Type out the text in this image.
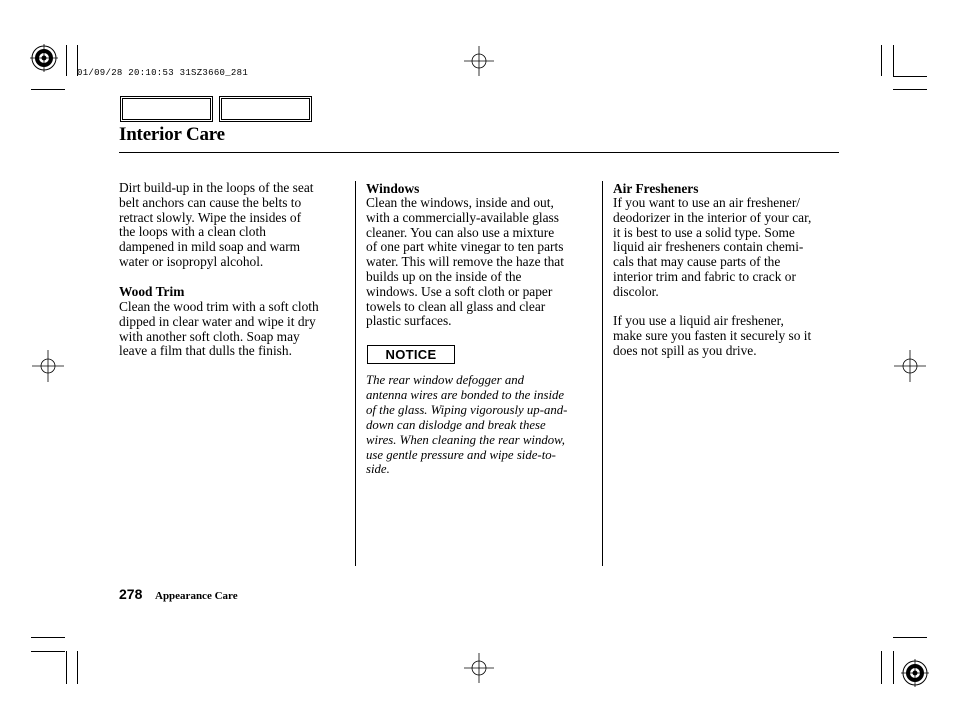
01/09/28 20:10:53 31SZ3660_281
Interior Care
Dirt build-up in the loops of the seat
belt anchors can cause the belts to
retract slowly. Wipe the insides of
the loops with a clean cloth
dampened in mild soap and warm
water or isopropyl alcohol.
Wood Trim
Clean the wood trim with a soft cloth
dipped in clear water and wipe it dry
with another soft cloth. Soap may
leave a film that dulls the finish.
Windows
Clean the windows, inside and out,
with a commercially-available glass
cleaner. You can also use a mixture
of one part white vinegar to ten parts
water. This will remove the haze that
builds up on the inside of the
windows. Use a soft cloth or paper
towels to clean all glass and clear
plastic surfaces.
NOTICE
The rear window defogger and
antenna wires are bonded to the inside
of the glass. Wiping vigorously up-and-
down can dislodge and break these
wires. When cleaning the rear window,
use gentle pressure and wipe side-to-
side.
Air Fresheners
If you want to use an air freshener/
deodorizer in the interior of your car,
it is best to use a solid type. Some
liquid air fresheners contain chemi-
cals that may cause parts of the
interior trim and fabric to crack or
discolor.
If you use a liquid air freshener,
make sure you fasten it securely so it
does not spill as you drive.
278 Appearance Care
